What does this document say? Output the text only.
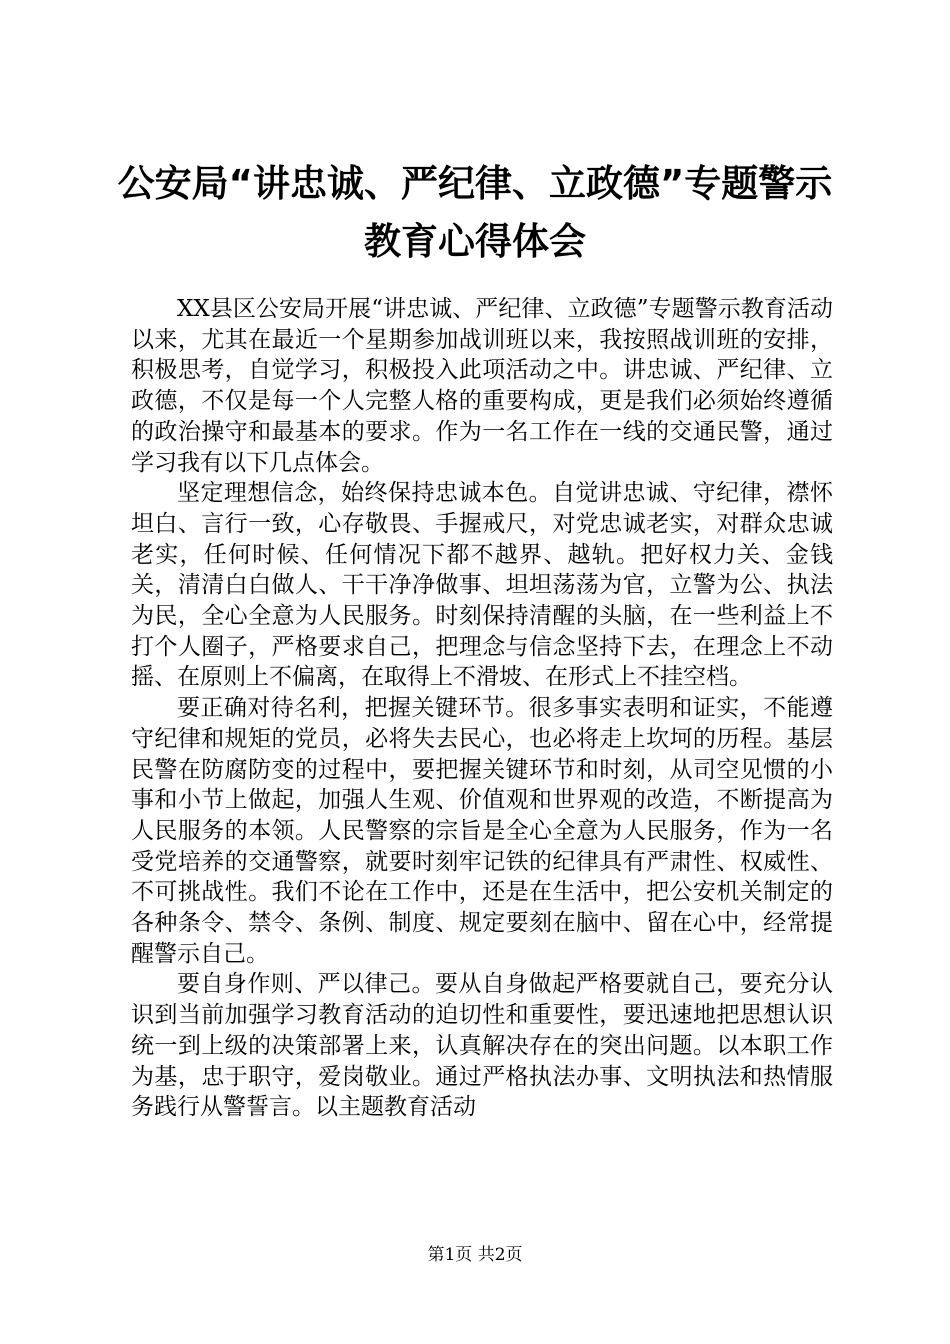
公安局“讲忠诚、严纪律、立政德”专题警示
教育心得体会

XX县区公安局开展“讲忠诚、严纪律、立政德”专题警示教育活动以来，尤其在最近一个星期参加战训班以来，我按照战训班的安排，积极思考，自觉学习，积极投入此项活动之中。讲忠诚、严纪律、立政德，不仅是每一个人完整人格的重要构成，更是我们必须始终遵循的政治操守和最基本的要求。作为一名工作在一线的交通民警，通过学习我有以下几点体会。

坚定理想信念，始终保持忠诚本色。自觉讲忠诚、守纪律，襟怀坦白、言行一致，心存敬畏、手握戒尺，对党忠诚老实，对群众忠诚老实，任何时候、任何情况下都不越界、越轨。把好权力关、金钱关，清清白白做人、干干净净做事、坦坦荡荡为官，立警为公、执法为民，全心全意为人民服务。时刻保持清醒的头脑，在一些利益上不打个人圈子，严格要求自己，把理念与信念坚持下去，在理念上不动摇、在原则上不偏离，在取得上不滑坡、在形式上不挂空档。

要正确对待名利，把握关键环节。很多事实表明和证实，不能遵守纪律和规矩的党员，必将失去民心，也必将走上坎坷的历程。基层民警在防腐防变的过程中，要把握关键环节和时刻，从司空见惯的小事和小节上做起，加强人生观、价值观和世界观的改造，不断提高为人民服务的本领。人民警察的宗旨是全心全意为人民服务，作为一名受党培养的交通警察，就要时刻牢记铁的纪律具有严肃性、权威性、不可挑战性。我们不论在工作中，还是在生活中，把公安机关制定的各种条令、禁令、条例、制度、规定要刻在脑中、留在心中，经常提醒警示自己。

要自身作则、严以律己。要从自身做起严格要就自己，要充分认识到当前加强学习教育活动的迫切性和重要性，要迅速地把思想认识统一到上级的决策部署上来，认真解决存在的突出问题。以本职工作为基，忠于职守，爱岗敬业。通过严格执法办事、文明执法和热情服务践行从警誓言。以主题教育活动

第1页 共2页
